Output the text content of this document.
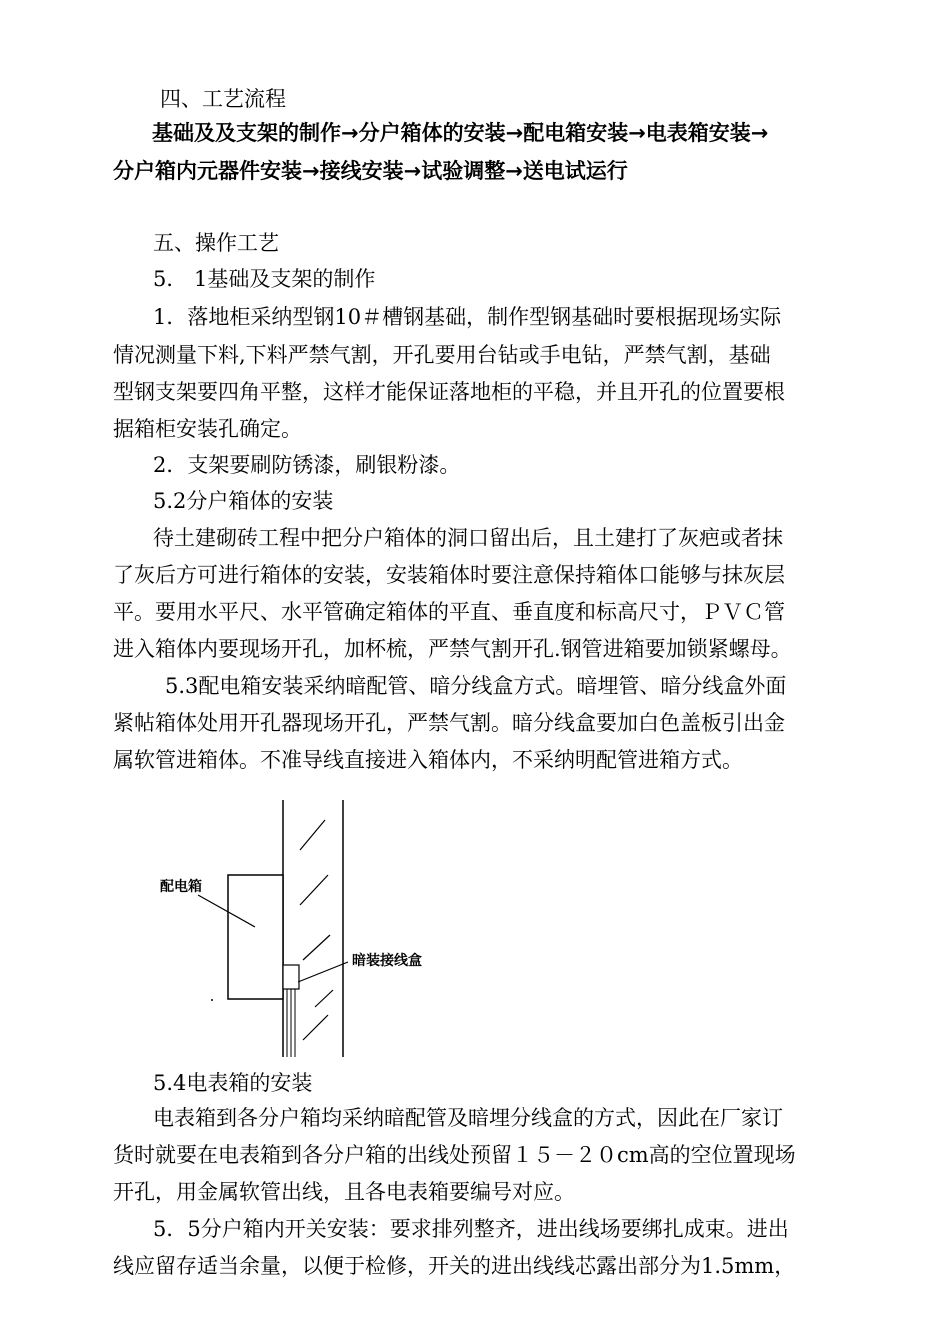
四、工艺流程
基础及及支架的制作→分户箱体的安装→配电箱安装→电表箱安装→
分户箱内元器件安装→接线安装→试验调整→送电试运行
五、操作工艺
5． 1基础及支架的制作
1．落地柜采纳型钢10＃槽钢基础，制作型钢基础时要根据现场实际
情况测量下料,下料严禁气割，开孔要用台钻或手电钻，严禁气割，基础
型钢支架要四角平整，这样才能保证落地柜的平稳，并且开孔的位置要根
据箱柜安装孔确定。
2．支架要刷防锈漆，刷银粉漆。
5.2分户箱体的安装
待土建砌砖工程中把分户箱体的洞口留出后，且土建打了灰疤或者抹
了灰后方可进行箱体的安装，安装箱体时要注意保持箱体口能够与抹灰层
平。要用水平尺、水平管确定箱体的平直、垂直度和标高尺寸，ＰＶＣ管
进入箱体内要现场开孔，加杯梳，严禁气割开孔.钢管进箱要加锁紧螺母。
5.3配电箱安装采纳暗配管、暗分线盒方式。暗埋管、暗分线盒外面
紧帖箱体处用开孔器现场开孔，严禁气割。暗分线盒要加白色盖板引出金
属软管进箱体。不准导线直接进入箱体内，不采纳明配管进箱方式。
配电箱
暗装接线盒
5.4电表箱的安装
电表箱到各分户箱均采纳暗配管及暗埋分线盒的方式，因此在厂家订
货时就要在电表箱到各分户箱的出线处预留１５－２０cm高的空位置现场
开孔，用金属软管出线，且各电表箱要编号对应。
5．5分户箱内开关安装：要求排列整齐，进出线场要绑扎成束。进出
线应留存适当余量，以便于检修，开关的进出线线芯露出部分为1.5mm，
